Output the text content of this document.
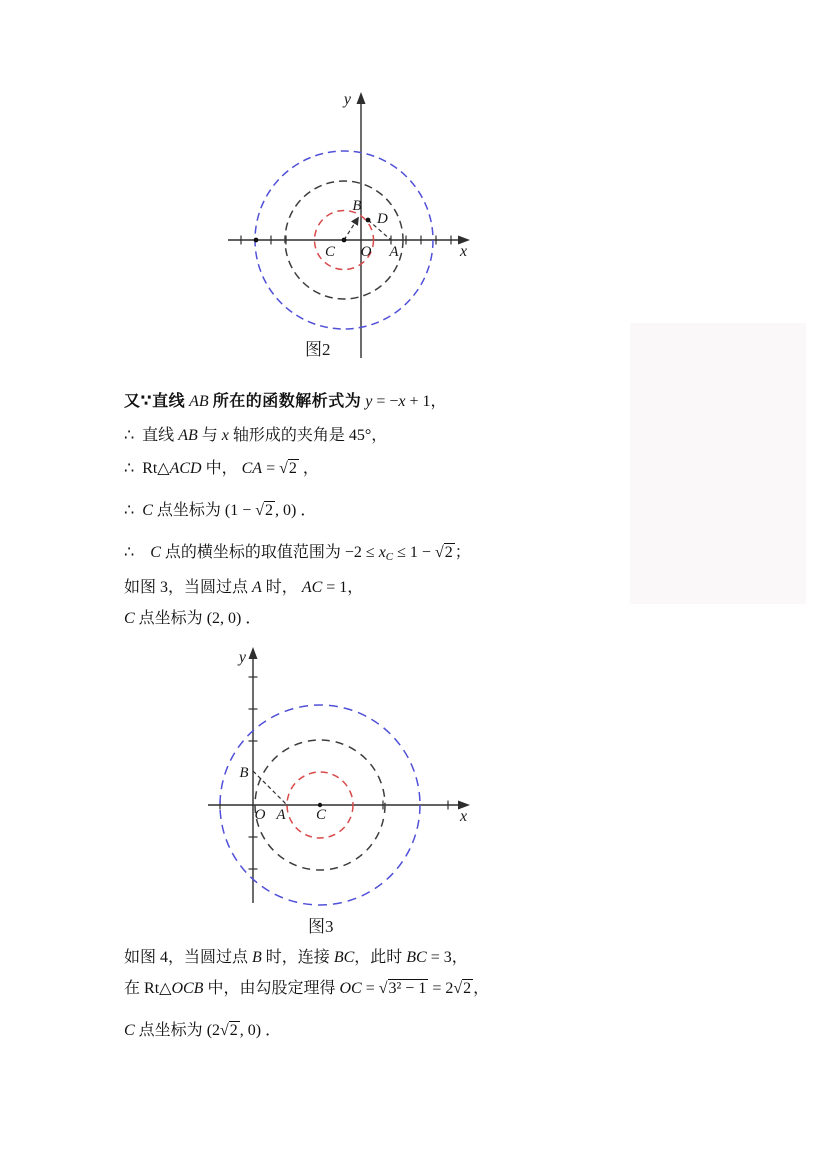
y
x
B
D
C O A
图2
y
x
B
O A C
图3
又∵直线 AB 所在的函数解析式为 y = −x + 1，
∴  直线 AB 与 x 轴形成的夹角是 45°，
∴  Rt△ACD 中， CA = √2 ，
∴  C 点坐标为 (1 − √2 , 0) ．
∴    C 点的横坐标的取值范围为 $-2 \le x_C \le 1 - √2$ ；
如图 3，当圆过点 A 时， AC = 1，
C 点坐标为 (2, 0) ．
如图 4，当圆过点 B 时，连接 BC，此时 BC = 3，
在 Rt△OCB 中，由勾股定理得 OC = √3² − 1 = 2√2 ，
C 点坐标为 (2√2 , 0) ．
